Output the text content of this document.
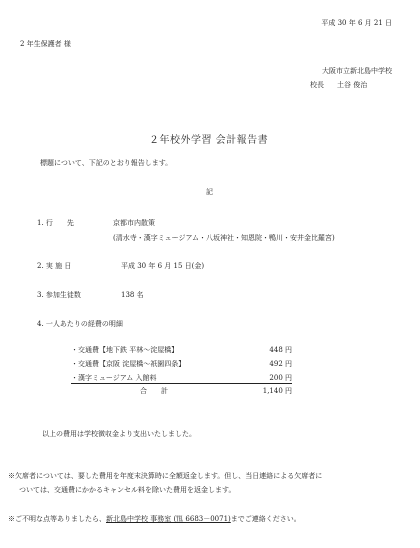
平成 30 年 6 月 21 日
2 年生保護者 様
大阪市立新北島中学校
校長 土谷 俊治
２年校外学習 会計報告書
標題について、下記のとおり報告します。
記
1. 行　　先	京都市内散策
(清水寺・漢字ミュージアム・八坂神社・知恩院・鴨川・安井金比羅宮)
2. 実 施 日	平成 30 年 6 月 15 日(金)
3. 参加生徒数	138 名
4. 一人あたりの経費の明細
・交通費【地下鉄 平林～淀屋橋】	448 円
・交通費【京阪 淀屋橋～祇園四条】	492 円
・漢字ミュージアム 入館料	200 円
合　　計	1,140 円
以上の費用は学校徴収金より支出いたしました。
※欠席者については、要した費用を年度末決算時に全額返金します。但し、当日連絡による欠席者に
ついては、交通費にかかるキャンセル料を除いた費用を返金します。
※ご不明な点等ありましたら、新北島中学校 事務室 (℡ 6683－0071)までご連絡ください。
